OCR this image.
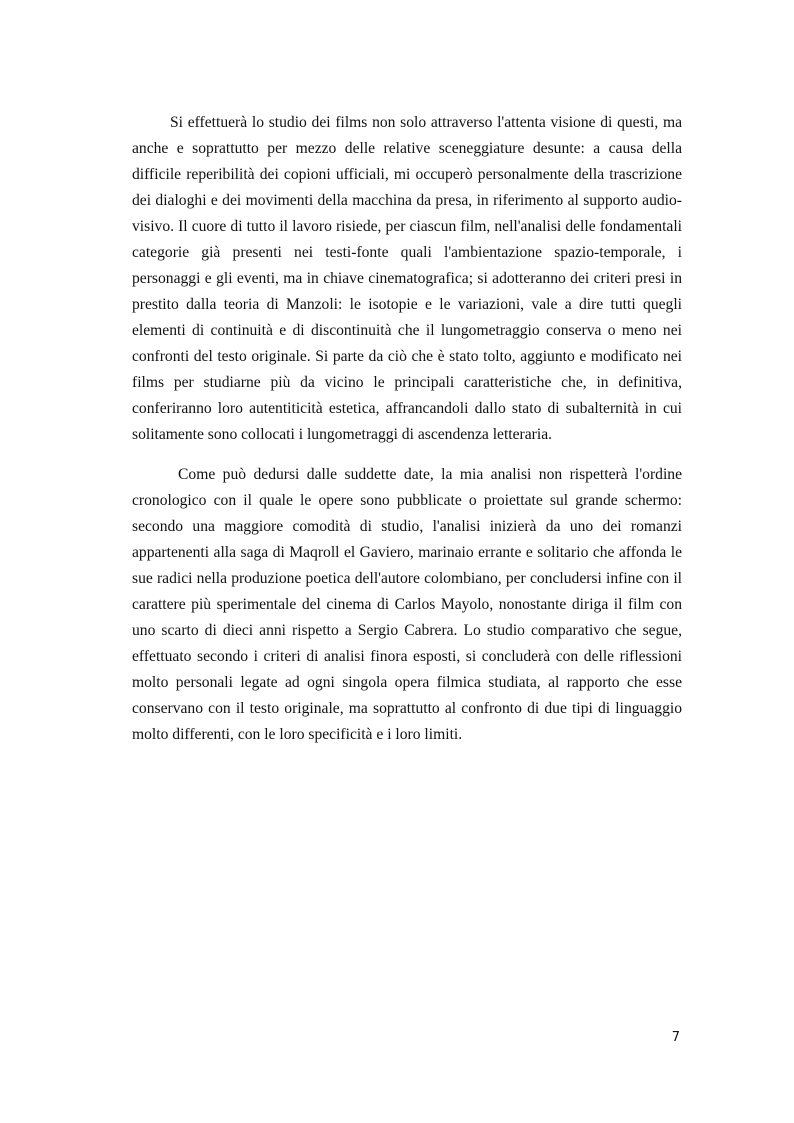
Si effettuerà lo studio dei films non solo attraverso l'attenta visione di questi, ma anche e soprattutto per mezzo delle relative sceneggiature desunte: a causa della difficile reperibilità dei copioni ufficiali, mi occuperò personalmente della trascrizione dei dialoghi e dei movimenti della macchina da presa, in riferimento al supporto audio-visivo. Il cuore di tutto il lavoro risiede, per ciascun film, nell'analisi delle fondamentali categorie già presenti nei testi-fonte quali l'ambientazione spazio-temporale, i personaggi e gli eventi, ma in chiave cinematografica; si adotteranno dei criteri presi in prestito dalla teoria di Manzoli: le isotopie e le variazioni, vale a dire tutti quegli elementi di continuità e di discontinuità che il lungometraggio conserva o meno nei confronti del testo originale. Si parte da ciò che è stato tolto, aggiunto e modificato nei films per studiarne più da vicino le principali caratteristiche che, in definitiva, conferiranno loro autentiticità estetica, affrancandoli dallo stato di subalternità in cui solitamente sono collocati i lungometraggi di ascendenza letteraria.

Come può dedursi dalle suddette date, la mia analisi non rispetterà l'ordine cronologico con il quale le opere sono pubblicate o proiettate sul grande schermo: secondo una maggiore comodità di studio, l'analisi inizierà da uno dei romanzi appartenenti alla saga di Maqroll el Gaviero, marinaio errante e solitario che affonda le sue radici nella produzione poetica dell'autore colombiano, per concludersi infine con il carattere più sperimentale del cinema di Carlos Mayolo, nonostante diriga il film con uno scarto di dieci anni rispetto a Sergio Cabrera. Lo studio comparativo che segue, effettuato secondo i criteri di analisi finora esposti, si concluderà con delle riflessioni molto personali legate ad ogni singola opera filmica studiata, al rapporto che esse conservano con il testo originale, ma soprattutto al confronto di due tipi di linguaggio molto differenti, con le loro specificità e i loro limiti.

7
